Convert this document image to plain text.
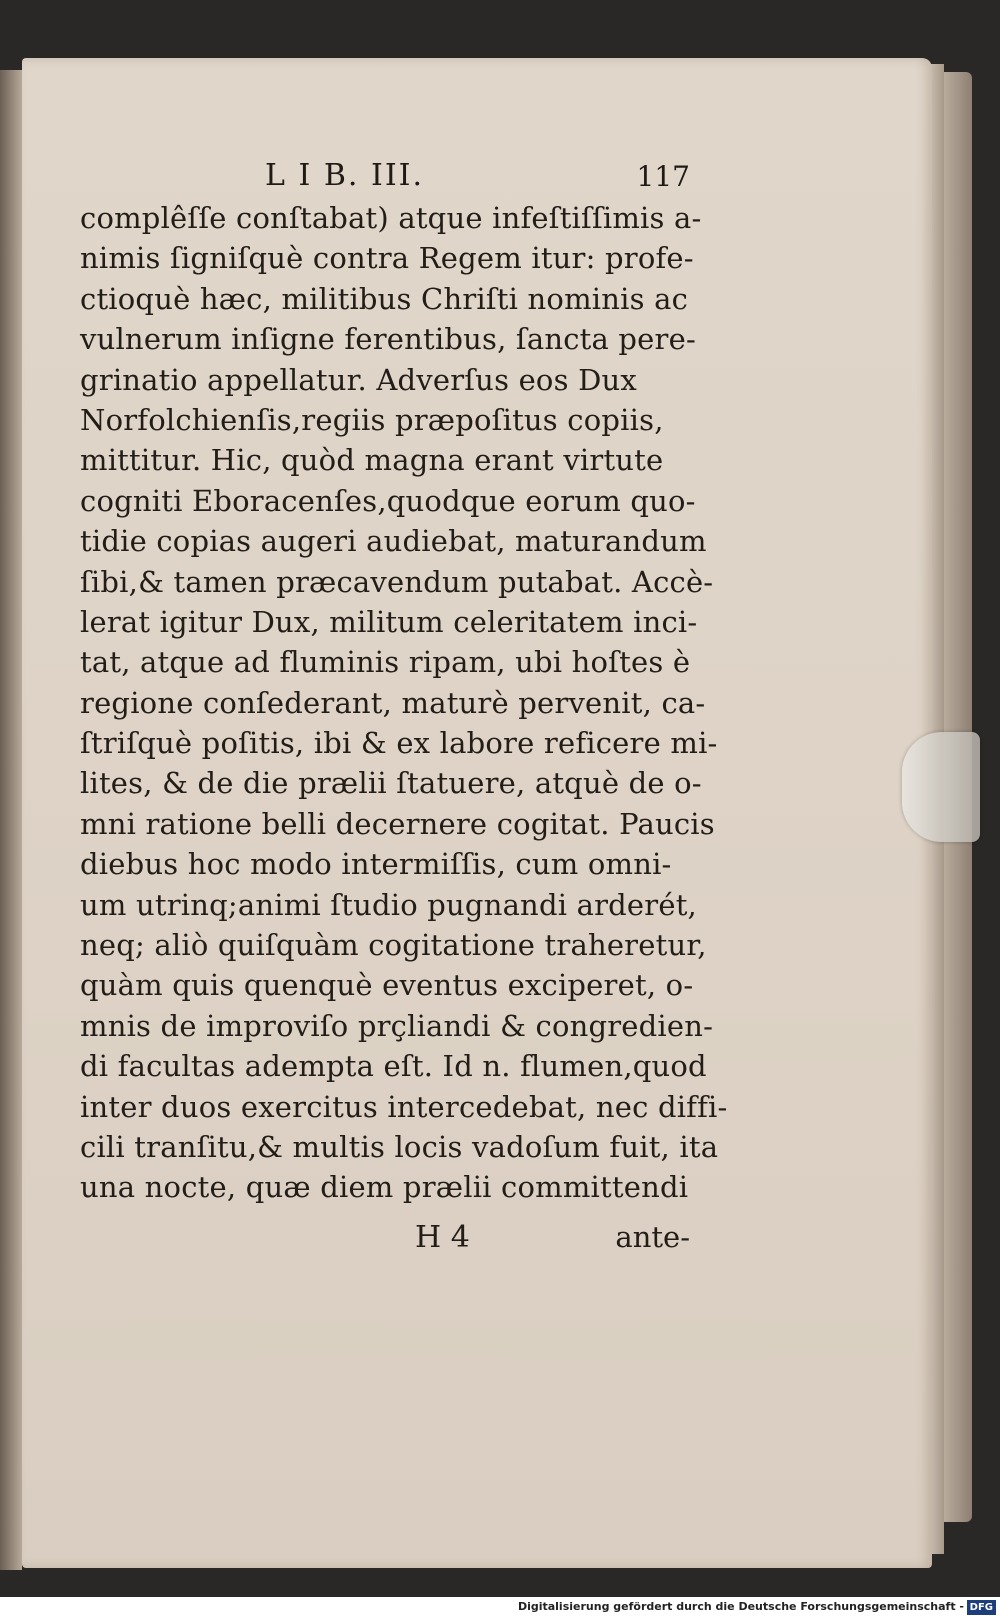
L I B. III.	117
complêſſe conſtabat) atque infeſtiſſimis a-
nimis ſigniſquè contra Regem itur: profe-
ctioquè hæc, militibus Chriſti nominis ac
vulnerum inſigne ferentibus, ſancta pere-
grinatio appellatur. Adverſus eos Dux
Norfolchienſis,regiis præpoſitus copiis,
mittitur. Hic, quòd magna erant virtute
cogniti Eboracenſes,quodque eorum quo-
tidie copias augeri audiebat, maturandum
ſibi,& tamen præcavendum putabat. Accè-
lerat igitur Dux, militum celeritatem inci-
tat, atque ad fluminis ripam, ubi hoſtes è
regione conſederant, maturè pervenit, ca-
ſtriſquè poſitis, ibi & ex labore reficere mi-
lites, & de die prælii ſtatuere, atquè de o-
mni ratione belli decernere cogitat. Paucis
diebus hoc modo intermiſſis, cum omni-
um utrinq;animi ſtudio pugnandi arderét,
neq; aliò quiſquàm cogitatione traheretur,
quàm quis quenquè eventus exciperet, o-
mnis de improviſo prçliandi & congredien-
di facultas adempta eſt. Id n. flumen,quod
inter duos exercitus intercedebat, nec diffi-
cili tranſitu,& multis locis vadoſum fuit, ita
una nocte, quæ diem prælii committendi
H 4	ante-
Digitalisierung gefördert durch die Deutsche Forschungsgemeinschaft - DFG
